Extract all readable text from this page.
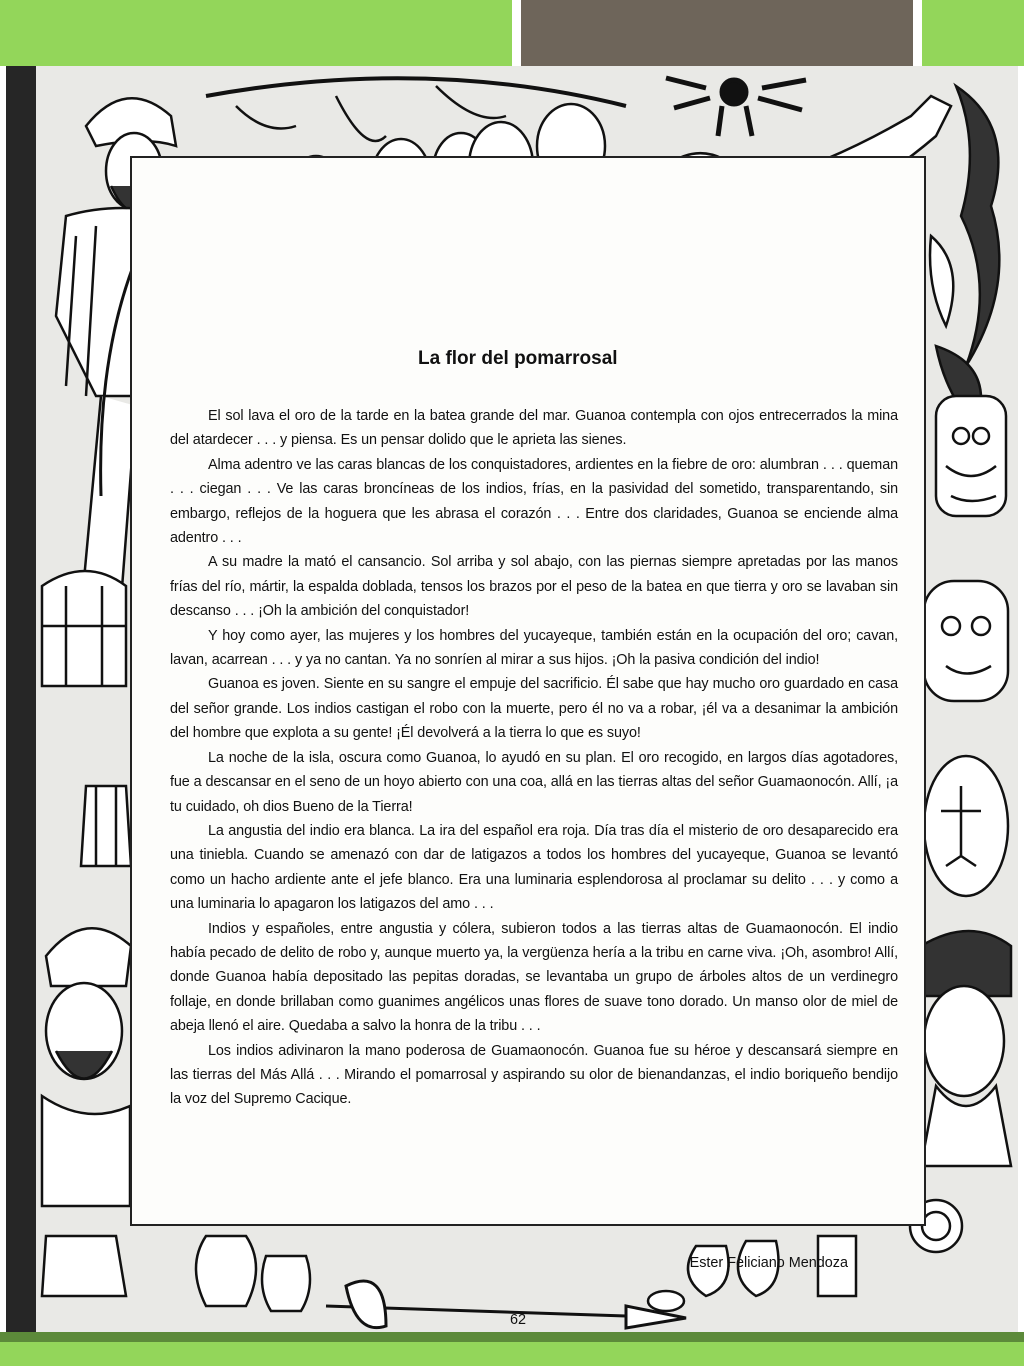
La flor del pomarrosal

El sol lava el oro de la tarde en la batea grande del mar. Guanoa contempla con ojos entrecerrados la mina del atardecer . . . y piensa. Es un pensar dolido que le aprieta las sienes.

Alma adentro ve las caras blancas de los conquistadores, ardientes en la fiebre de oro: alumbran . . . queman . . . ciegan . . . Ve las caras broncíneas de los indios, frías, en la pasividad del sometido, transparentando, sin embargo, reflejos de la hoguera que les abrasa el corazón . . . Entre dos claridades, Guanoa se enciende alma adentro . . .

A su madre la mató el cansancio. Sol arriba y sol abajo, con las piernas siempre apretadas por las manos frías del río, mártir, la espalda doblada, tensos los brazos por el peso de la batea en que tierra y oro se lavaban sin descanso . . . ¡Oh la ambición del conquistador!

Y hoy como ayer, las mujeres y los hombres del yucayeque, también están en la ocupación del oro; cavan, lavan, acarrean . . . y ya no cantan. Ya no sonríen al mirar a sus hijos. ¡Oh la pasiva condición del indio!

Guanoa es joven. Siente en su sangre el empuje del sacrificio. Él sabe que hay mucho oro guardado en casa del señor grande. Los indios castigan el robo con la muerte, pero él no va a robar, ¡él va a desanimar la ambición del hombre que explota a su gente! ¡Él devolverá a la tierra lo que es suyo!

La noche de la isla, oscura como Guanoa, lo ayudó en su plan. El oro recogido, en largos días agotadores, fue a descansar en el seno de un hoyo abierto con una coa, allá en las tierras altas del señor Guamaonocón. Allí, ¡a tu cuidado, oh dios Bueno de la Tierra!

La angustia del indio era blanca. La ira del español era roja. Día tras día el misterio de oro desaparecido era una tiniebla. Cuando se amenazó con dar de latigazos a todos los hombres del yucayeque, Guanoa se levantó como un hacho ardiente ante el jefe blanco. Era una luminaria esplendorosa al proclamar su delito . . . y como a una luminaria lo apagaron los latigazos del amo . . .

Indios y españoles, entre angustia y cólera, subieron todos a las tierras altas de Guamaonocón. El indio había pecado de delito de robo y, aunque muerto ya, la vergüenza hería a la tribu en carne viva. ¡Oh, asombro! Allí, donde Guanoa había depositado las pepitas doradas, se levantaba un grupo de árboles altos de un verdinegro follaje, en donde brillaban como guanimes angélicos unas flores de suave tono dorado. Un manso olor de miel de abeja llenó el aire. Quedaba a salvo la honra de la tribu . . .

Los indios adivinaron la mano poderosa de Guamaonocón. Guanoa fue su héroe y descansará siempre en las tierras del Más Allá . . . Mirando el pomarrosal y aspirando su olor de bienandanzas, el indio boriqueño bendijo la voz del Supremo Cacique.

Ester Feliciano Mendoza
62
